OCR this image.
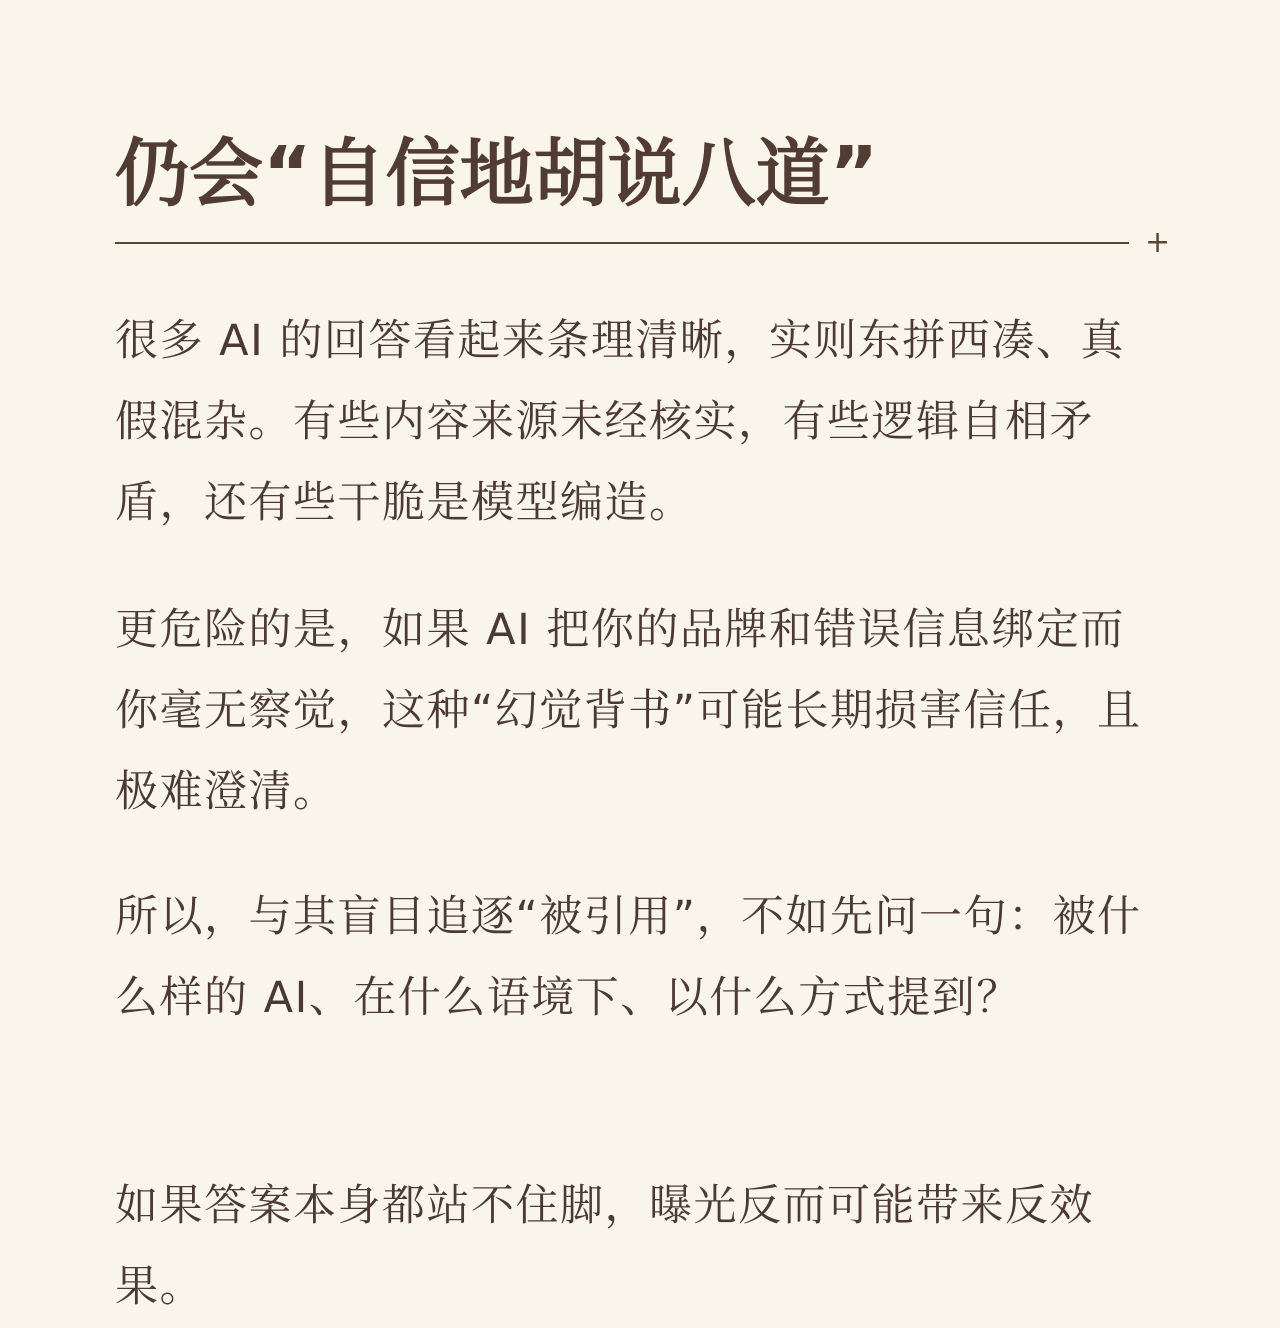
仍会“自信地胡说八道”
+

很多 AI 的回答看起来条理清晰，实则东拼西凑、真假混杂。有些内容来源未经核实，有些逻辑自相矛盾，还有些干脆是模型编造。

更危险的是，如果 AI 把你的品牌和错误信息绑定而你毫无察觉，这种“幻觉背书”可能长期损害信任，且极难澄清。

所以，与其盲目追逐“被引用”，不如先问一句：被什么样的 AI、在什么语境下、以什么方式提到？

如果答案本身都站不住脚，曝光反而可能带来反效果。
